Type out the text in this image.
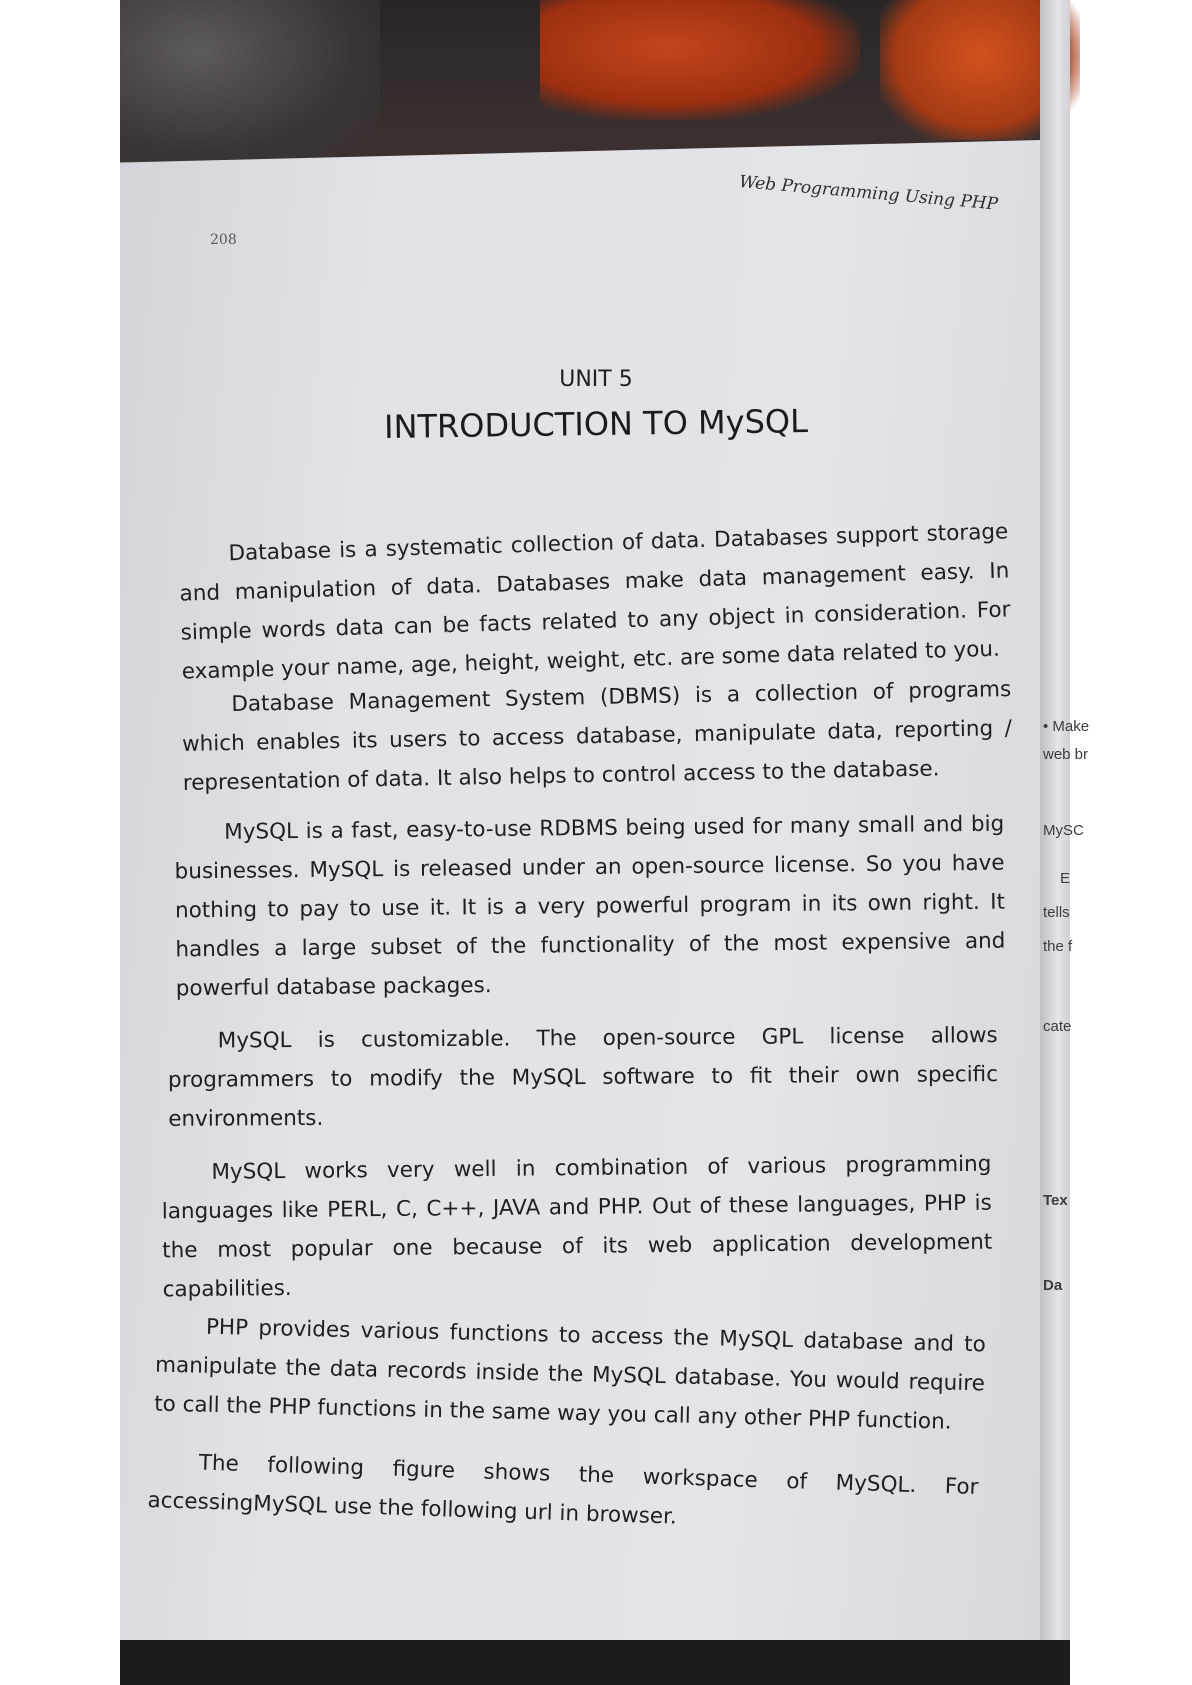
• Make
web br
MySC
E
tells
the f
cate
Tex
Da
Web Programming Using PHP
208
UNIT 5
INTRODUCTION TO MySQL

Database is a systematic collection of data. Databases support storage and manipulation of data. Databases make data management easy. In simple words data can be facts related to any object in consideration. For example your name, age, height, weight, etc. are some data related to you.

Database Management System (DBMS) is a collection of programs which enables its users to access database, manipulate data, reporting / representation of data. It also helps to control access to the database.

MySQL is a fast, easy-to-use RDBMS being used for many small and big businesses. MySQL is released under an open-source license. So you have nothing to pay to use it. It is a very powerful program in its own right. It handles a large subset of the functionality of the most expensive and powerful database packages.

MySQL is customizable. The open-source GPL license allows programmers to modify the MySQL software to fit their own specific environments.

MySQL works very well in combination of various programming languages like PERL, C, C++, JAVA and PHP. Out of these languages, PHP is the most popular one because of its web application development capabilities.

PHP provides various functions to access the MySQL database and to manipulate the data records inside the MySQL database. You would require to call the PHP functions in the same way you call any other PHP function.

The following figure shows the workspace of MySQL. For accessingMySQL use the following url in browser.
